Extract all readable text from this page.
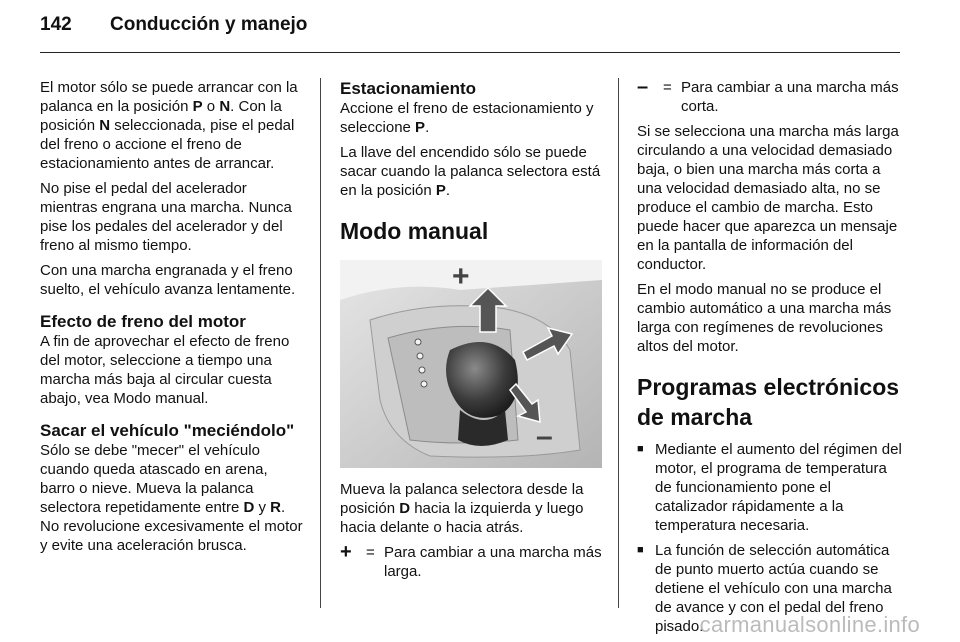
142 Conducción y manejo

El motor sólo se puede arrancar con la palanca en la posición P o N. Con la posición N seleccionada, pise el pedal del freno o accione el freno de estacionamiento antes de arrancar.

No pise el pedal del acelerador mientras engrana una marcha. Nunca pise los pedales del acelerador y del freno al mismo tiempo.

Con una marcha engranada y el freno suelto, el vehículo avanza lentamente.

Efecto de freno del motor

A fin de aprovechar el efecto de freno del motor, seleccione a tiempo una marcha más baja al circular cuesta abajo, vea Modo manual.

Sacar el vehículo "meciéndolo"

Sólo se debe "mecer" el vehículo cuando queda atascado en arena, barro o nieve. Mueva la palanca selectora repetidamente entre D y R. No revolucione excesivamente el motor y evite una aceleración brusca.

Estacionamiento

Accione el freno de estacionamiento y seleccione P.

La llave del encendido sólo se puede sacar cuando la palanca selectora está en la posición P.

Modo manual
+
–

Mueva la palanca selectora desde la posición D hacia la izquierda y luego hacia delante o hacia atrás.

+ = Para cambiar a una marcha más larga.
– = Para cambiar a una marcha más corta.

Si se selecciona una marcha más larga circulando a una velocidad demasiado baja, o bien una marcha más corta a una velocidad demasiado alta, no se produce el cambio de marcha. Esto puede hacer que aparezca un mensaje en la pantalla de información del conductor.

En el modo manual no se produce el cambio automático a una marcha más larga con regímenes de revoluciones altos del motor.

Programas electrónicos de marcha
■ Mediante el aumento del régimen del motor, el programa de temperatura de funcionamiento pone el catalizador rápidamente a la temperatura necesaria.
■ La función de selección automática de punto muerto actúa cuando se detiene el vehículo con una marcha de avance y con el pedal del freno pisado.
carmanualsonline.info
